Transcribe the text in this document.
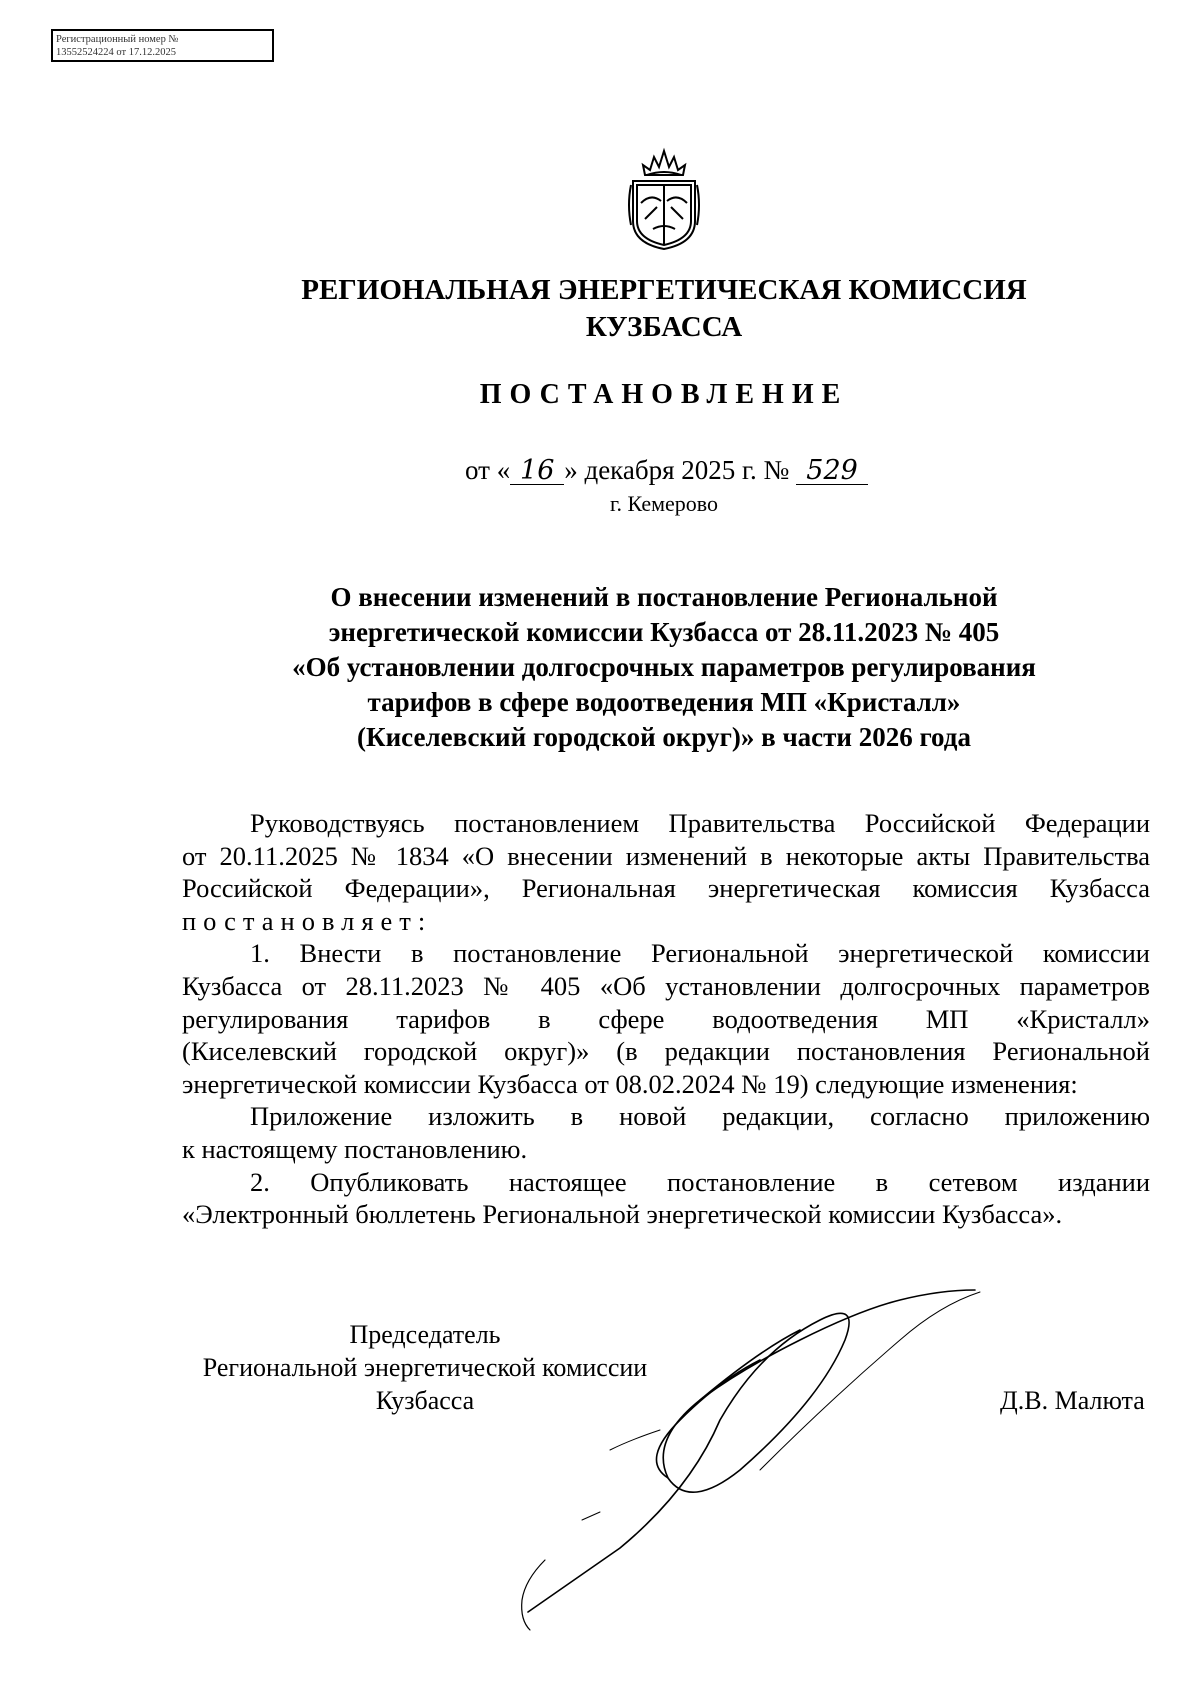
Регистрационный номер №
13552524224 от 17.12.2025
РЕГИОНАЛЬНАЯ ЭНЕРГЕТИЧЕСКАЯ КОМИССИЯ
КУЗБАССА
ПОСТАНОВЛЕНИЕ
от « 16 » декабря 2025 г. № 529
г. Кемерово
О внесении изменений в постановление Региональной
энергетической комиссии Кузбасса от 28.11.2023 № 405
«Об установлении долгосрочных параметров регулирования
тарифов в сфере водоотведения МП «Кристалл»
(Киселевский городской округ)» в части 2026 года
Руководствуясь постановлением Правительства Российской Федерации
от 20.11.2025 № 1834 «О внесении изменений в некоторые акты Правительства
Российской Федерации», Региональная энергетическая комиссия Кузбасса
постановляет:
1. Внести в постановление Региональной энергетической комиссии
Кузбасса от 28.11.2023 № 405 «Об установлении долгосрочных параметров
регулирования тарифов в сфере водоотведения МП «Кристалл»
(Киселевский городской округ)» (в редакции постановления Региональной
энергетической комиссии Кузбасса от 08.02.2024 № 19) следующие изменения:
Приложение изложить в новой редакции, согласно приложению
к настоящему постановлению.
2. Опубликовать настоящее постановление в сетевом издании
«Электронный бюллетень Региональной энергетической комиссии Кузбасса».
Председатель
Региональной энергетической комиссии
Кузбасса	Д.В. Малюта
